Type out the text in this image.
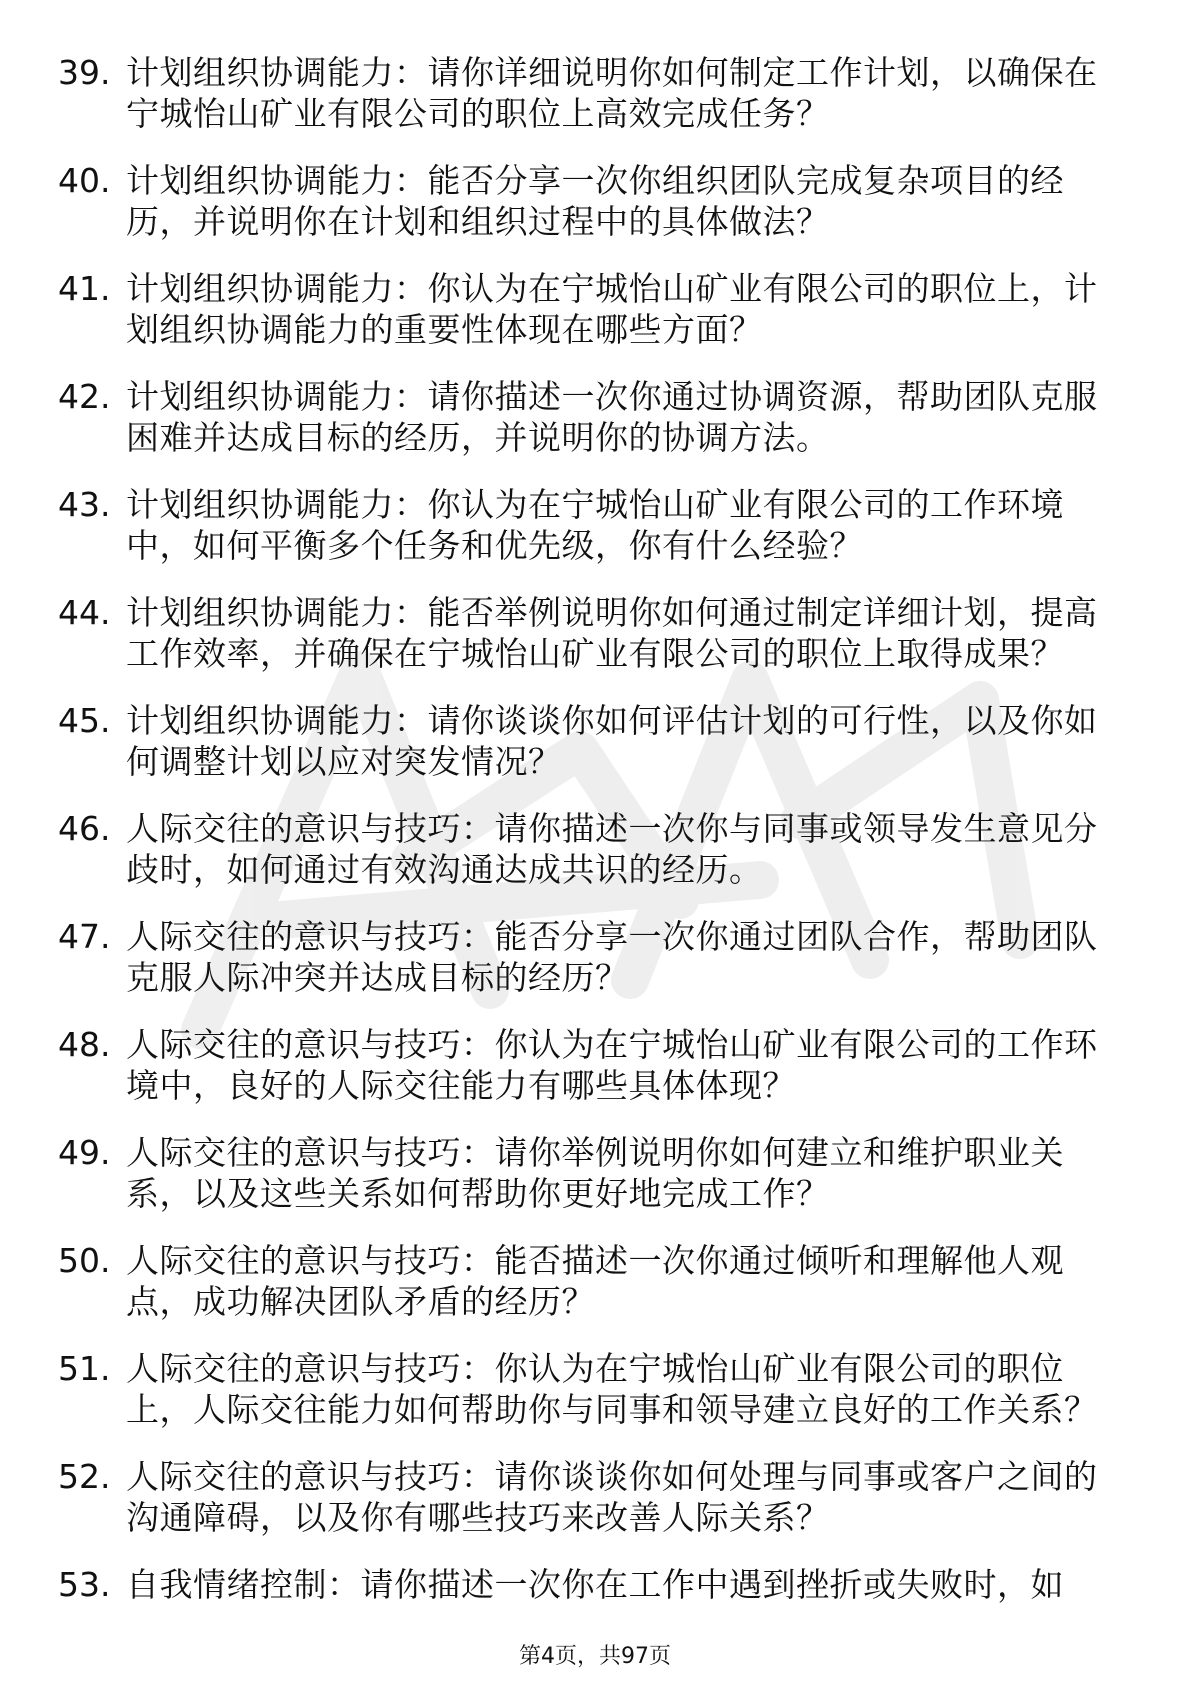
39. 计划组织协调能力：请你详细说明你如何制定工作计划，以确保在宁城怡山矿业有限公司的职位上高效完成任务？
40. 计划组织协调能力：能否分享一次你组织团队完成复杂项目的经历，并说明你在计划和组织过程中的具体做法？
41. 计划组织协调能力：你认为在宁城怡山矿业有限公司的职位上，计划组织协调能力的重要性体现在哪些方面？
42. 计划组织协调能力：请你描述一次你通过协调资源，帮助团队克服困难并达成目标的经历，并说明你的协调方法。
43. 计划组织协调能力：你认为在宁城怡山矿业有限公司的工作环境中，如何平衡多个任务和优先级，你有什么经验？
44. 计划组织协调能力：能否举例说明你如何通过制定详细计划，提高工作效率，并确保在宁城怡山矿业有限公司的职位上取得成果？
45. 计划组织协调能力：请你谈谈你如何评估计划的可行性，以及你如何调整计划以应对突发情况？
46. 人际交往的意识与技巧：请你描述一次你与同事或领导发生意见分歧时，如何通过有效沟通达成共识的经历。
47. 人际交往的意识与技巧：能否分享一次你通过团队合作，帮助团队克服人际冲突并达成目标的经历？
48. 人际交往的意识与技巧：你认为在宁城怡山矿业有限公司的工作环境中，良好的人际交往能力有哪些具体体现？
49. 人际交往的意识与技巧：请你举例说明你如何建立和维护职业关系，以及这些关系如何帮助你更好地完成工作？
50. 人际交往的意识与技巧：能否描述一次你通过倾听和理解他人观点，成功解决团队矛盾的经历？
51. 人际交往的意识与技巧：你认为在宁城怡山矿业有限公司的职位上，人际交往能力如何帮助你与同事和领导建立良好的工作关系？
52. 人际交往的意识与技巧：请你谈谈你如何处理与同事或客户之间的沟通障碍，以及你有哪些技巧来改善人际关系？
53. 自我情绪控制：请你描述一次你在工作中遇到挫折或失败时，如
第4页，共97页
